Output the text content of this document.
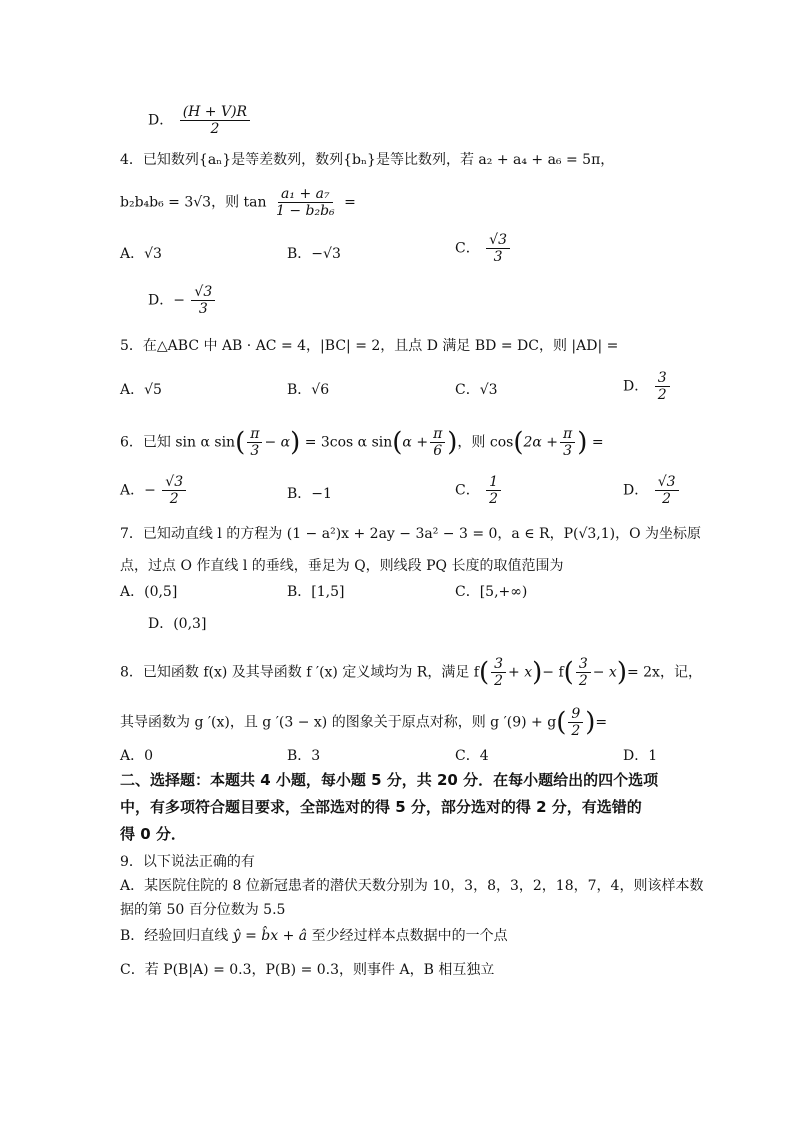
D． $\frac{(H + V)R}{2}$
4．已知数列{aₙ}是等差数列，数列{bₙ}是等比数列，若 a₂ + a₄ + a₆ = 5π，
b₂b₄b₆ = 3√3，则 $\tan \frac{\text{a₁ + a₇}}{\text{1 − b₂b₆}}$ =
A．√3	B．−√3	C． $\frac{√3}{3}$
D．− $\frac{√3}{3}$
5．在△ABC 中 AB · AC = 4，|BC| = 2，且点 D 满足 BD = DC，则 |AD| =
A．√5	B．√6	C．√3	D． $\frac{3}{2}$
6．已知 sin α $\sin( \frac{\pi}{3} - \alpha) = 3\cos$ α $\sin(\alpha + \frac{\pi}{6}$ )，则 $\cos(2\alpha + \frac{\pi}{3}$ ) =
A．− $\frac{√3}{2}$	B．−1	C． $\frac{1}{2}$	D． $\frac{√3}{2}$
7．已知动直线 l 的方程为 (1 − a²)x + 2ay − 3a² − 3 = 0，a ∈ R，P(√3,1)，O 为坐标原
点，过点 O 作直线 l 的垂线，垂足为 Q，则线段 PQ 长度的取值范围为
A．(0,5]	B．[1,5]	C．[5,+∞)
D．(0,3]
8．已知函数 f(x) 及其导函数 f ′(x) 定义域均为 R，满足 $f( \frac{3}{2} + x)- f( \frac{3}{2} - x)= 2x$，记，
其导函数为 g ′(x)，且 g ′(3 − x) 的图象关于原点对称，则 g $'(9) + g( \frac{9}{2}$ )=
A．0	B．3	C．4	D．1
二、选择题：本题共 4 小题，每小题 5 分，共 20 分．在每小题给出的四个选项
中，有多项符合题目要求，全部选对的得 5 分，部分选对的得 2 分，有选错的
得 0 分．
9．以下说法正确的有
A．某医院住院的 8 位新冠患者的潜伏天数分别为 10，3，8，3，2，18，7，4，则该样本数
据的第 50 百分位数为 5.5
B．经验回归直线 ŷ = b̂x + â 至少经过样本点数据中的一个点
C．若 P(B|A) = 0.3，P(B) = 0.3，则事件 A，B 相互独立
